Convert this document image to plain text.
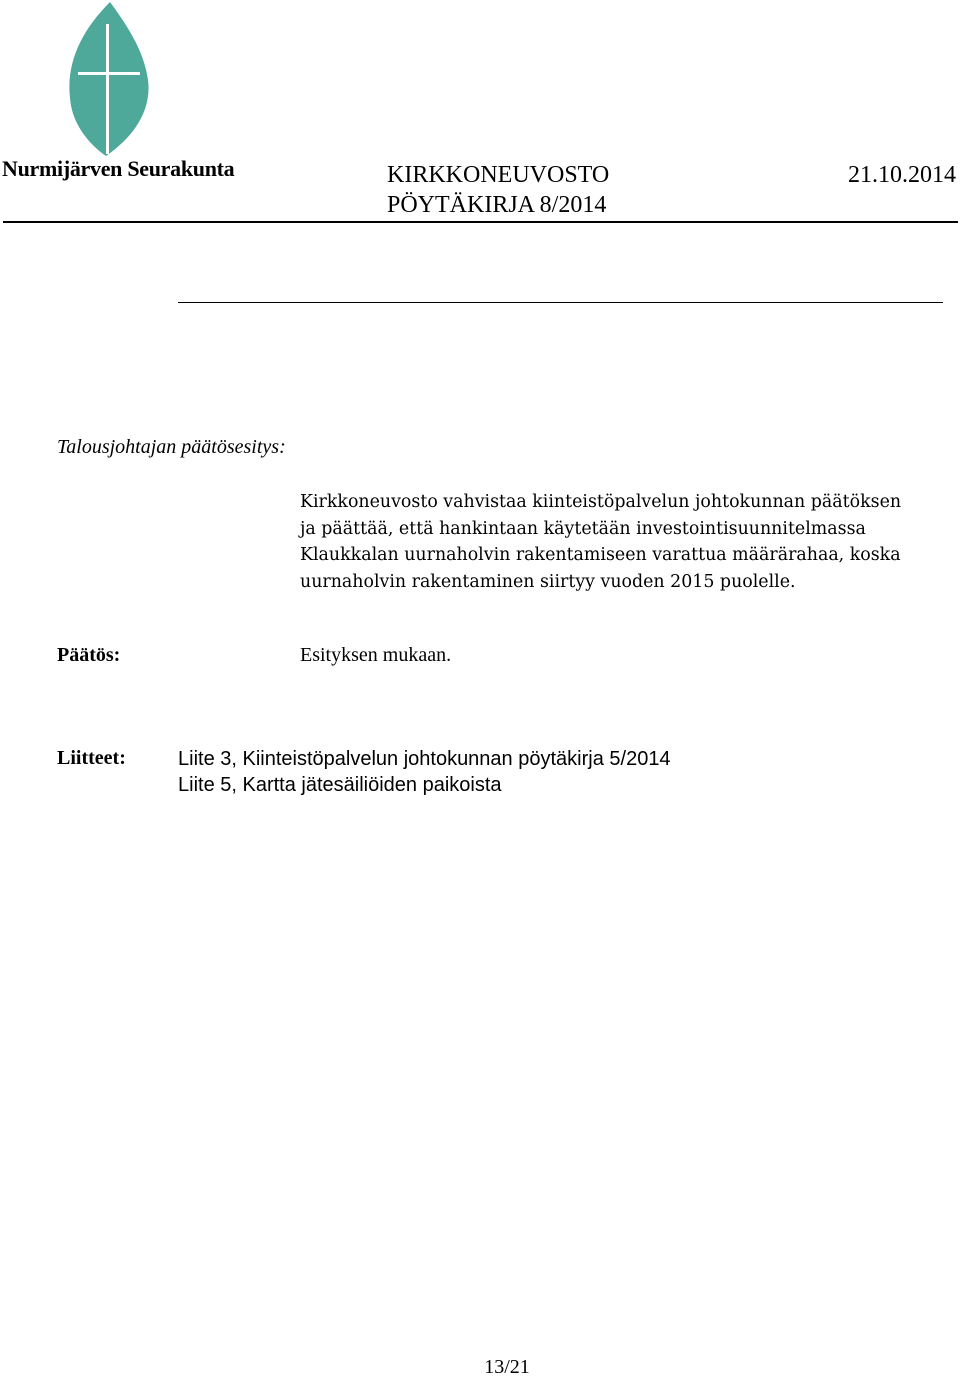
Nurmijärven Seurakunta	KIRKKONEUVOSTO
PÖYTÄKIRJA 8/2014
21.10.2014
Talousjohtajan päätösesitys:
Kirkkoneuvosto vahvistaa kiinteistöpalvelun johtokunnan päätöksen
ja päättää, että hankintaan käytetään investointisuunnitelmassa
Klaukkalan uurnaholvin rakentamiseen varattua määrärahaa, koska
uurnaholvin rakentaminen siirtyy vuoden 2015 puolelle.
Päätös:	Esityksen mukaan.
Liitteet:	Liite 3, Kiinteistöpalvelun johtokunnan pöytäkirja 5/2014
Liite 5, Kartta jätesäiliöiden paikoista
13/21
